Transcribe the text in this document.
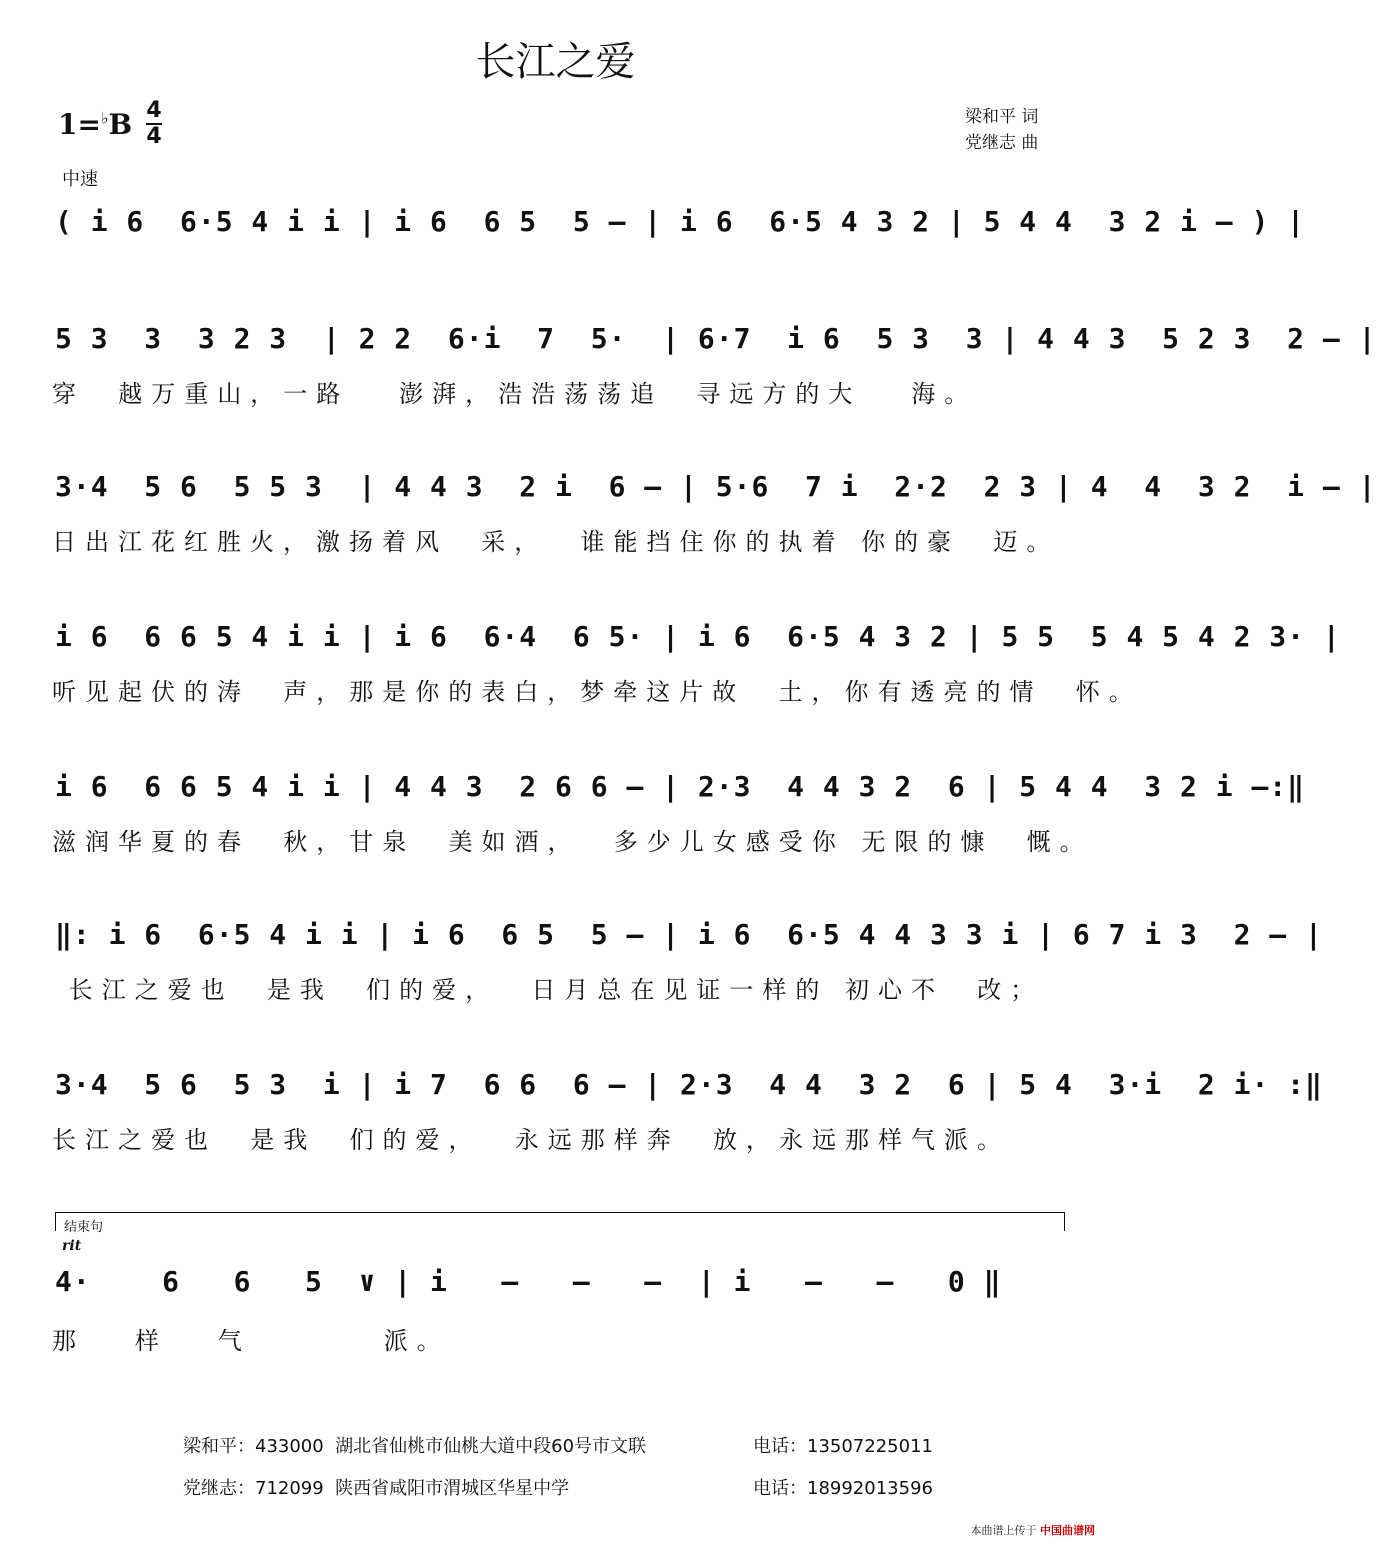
长江之爱
1=♭B 4
4
梁和平 词
党继志 曲
中速
( i 6  6·5 4 i i | i 6  6 5  5 – | i 6  6·5 4 3 2 | 5 4 4  3 2 i – ) |
5 3  3  3 2 3  | 2 2  6·i  7  5·  | 6·7  i 6  5 3  3 | 4 4 3  5 2 3  2 – |
穿  越万重山，一路   澎湃，浩浩荡荡追  寻远方的大   海。
3·4  5 6  5 5 3  | 4 4 3  2 i  6 – | 5·6  7 i  2·2  2 3 | 4  4  3 2  i – |
日出江花红胜火，激扬着风  采，  谁能挡住你的执着 你的豪  迈。
i 6  6 6 5 4 i i | i 6  6·4  6 5· | i 6  6·5 4 3 2 | 5 5  5 4 5 4 2 3· |
听见起伏的涛  声，那是你的表白，梦牵这片故  土，你有透亮的情  怀。
i 6  6 6 5 4 i i | 4 4 3  2 6 6 – | 2·3  4 4 3 2  6 | 5 4 4  3 2 i –:‖
滋润华夏的春  秋，甘泉  美如酒，  多少儿女感受你 无限的慷  慨。
‖: i 6  6·5 4 i i | i 6  6 5  5 – | i 6  6·5 4 4 3 3 i | 6 7 i 3  2 – |
长江之爱也  是我  们的爱，  日月总在见证一样的 初心不  改；
3·4  5 6  5 3  i | i 7  6 6  6 – | 2·3  4 4  3 2  6 | 5 4  3·i  2 i· :‖
长江之爱也  是我  们的爱，  永远那样奔  放，永远那样气派。
结束句
rit
4·    6   6   5  ∨ | i   –   –   –  | i   –   –   0 ‖
那   样   气        派。
梁和平：433000  湖北省仙桃市仙桃大道中段60号市文联	电话：13507225011
党继志：712099  陕西省咸阳市渭城区华星中学	电话：18992013596
本曲谱上传于 中国曲谱网
